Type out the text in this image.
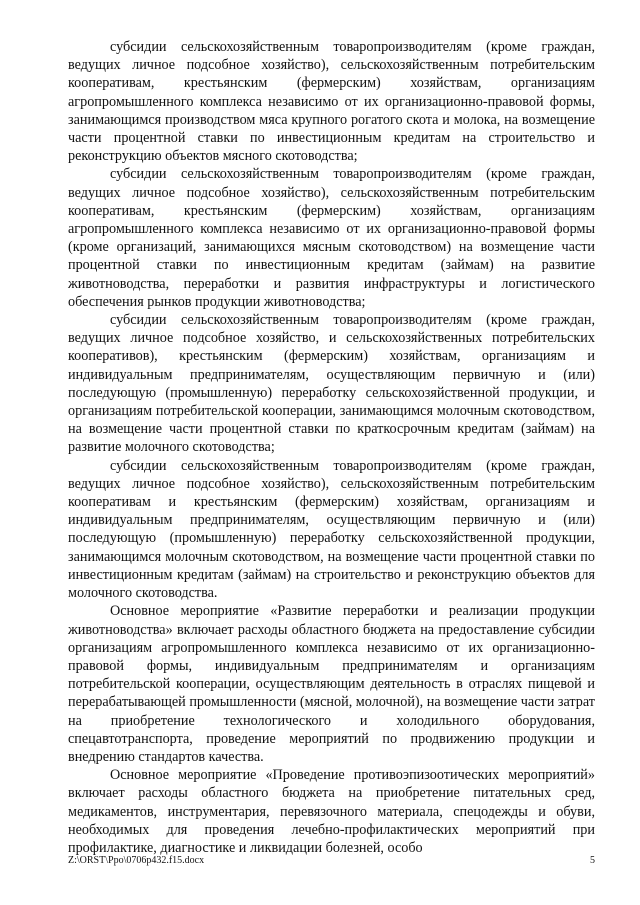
субсидии сельскохозяйственным товаропроизводителям (кроме граждан, ведущих личное подсобное хозяйство), сельскохозяйственным потребительским кооперативам, крестьянским (фермерским) хозяйствам, организациям агропромышленного комплекса независимо от их организационно-правовой формы, занимающимся производством мяса крупного рогатого скота и молока, на возмещение части процентной ставки по инвестиционным кредитам на строительство и реконструкцию объектов мясного скотоводства;

субсидии сельскохозяйственным товаропроизводителям (кроме граждан, ведущих личное подсобное хозяйство), сельскохозяйственным потребительским кооперативам, крестьянским (фермерским) хозяйствам, организациям агропромышленного комплекса независимо от их организационно-правовой формы (кроме организаций, занимающихся мясным скотоводством) на возмещение части процентной ставки по инвестиционным кредитам (займам) на развитие животноводства, переработки и развития инфраструктуры и логистического обеспечения рынков продукции животноводства;

субсидии сельскохозяйственным товаропроизводителям (кроме граждан, ведущих личное подсобное хозяйство, и сельскохозяйственных потребительских кооперативов), крестьянским (фермерским) хозяйствам, организациям и индивидуальным предпринимателям, осуществляющим первичную и (или) последующую (промышленную) переработку сельскохозяйственной продукции, и организациям потребительской кооперации, занимающимся молочным скотоводством, на возмещение части процентной ставки по краткосрочным кредитам (займам) на развитие молочного скотоводства;

субсидии сельскохозяйственным товаропроизводителям (кроме граждан, ведущих личное подсобное хозяйство), сельскохозяйственным потребительским кооперативам и крестьянским (фермерским) хозяйствам, организациям и индивидуальным предпринимателям, осуществляющим первичную и (или) последующую (промышленную) переработку сельскохозяйственной продукции, занимающимся молочным скотоводством, на возмещение части процентной ставки по инвестиционным кредитам (займам) на строительство и реконструкцию объектов для молочного скотоводства.

Основное мероприятие «Развитие переработки и реализации продукции животноводства» включает расходы областного бюджета на предоставление субсидии организациям агропромышленного комплекса независимо от их организационно-правовой формы, индивидуальным предпринимателям и организациям потребительской кооперации, осуществляющим деятельность в отраслях пищевой и перерабатывающей промышленности (мясной, молочной), на возмещение части затрат на приобретение технологического и холодильного оборудования, спецавтотранспорта, проведение мероприятий по продвижению продукции и внедрению стандартов качества.

Основное мероприятие «Проведение противоэпизоотических мероприятий» включает расходы областного бюджета на приобретение питательных сред, медикаментов, инструментария, перевязочного материала, спецодежды и обуви, необходимых для проведения лечебно-профилактических мероприятий при профилактике, диагностике и ликвидации болезней, особо

Z:\ORST\Ppo\0706p432.f15.docx	5
